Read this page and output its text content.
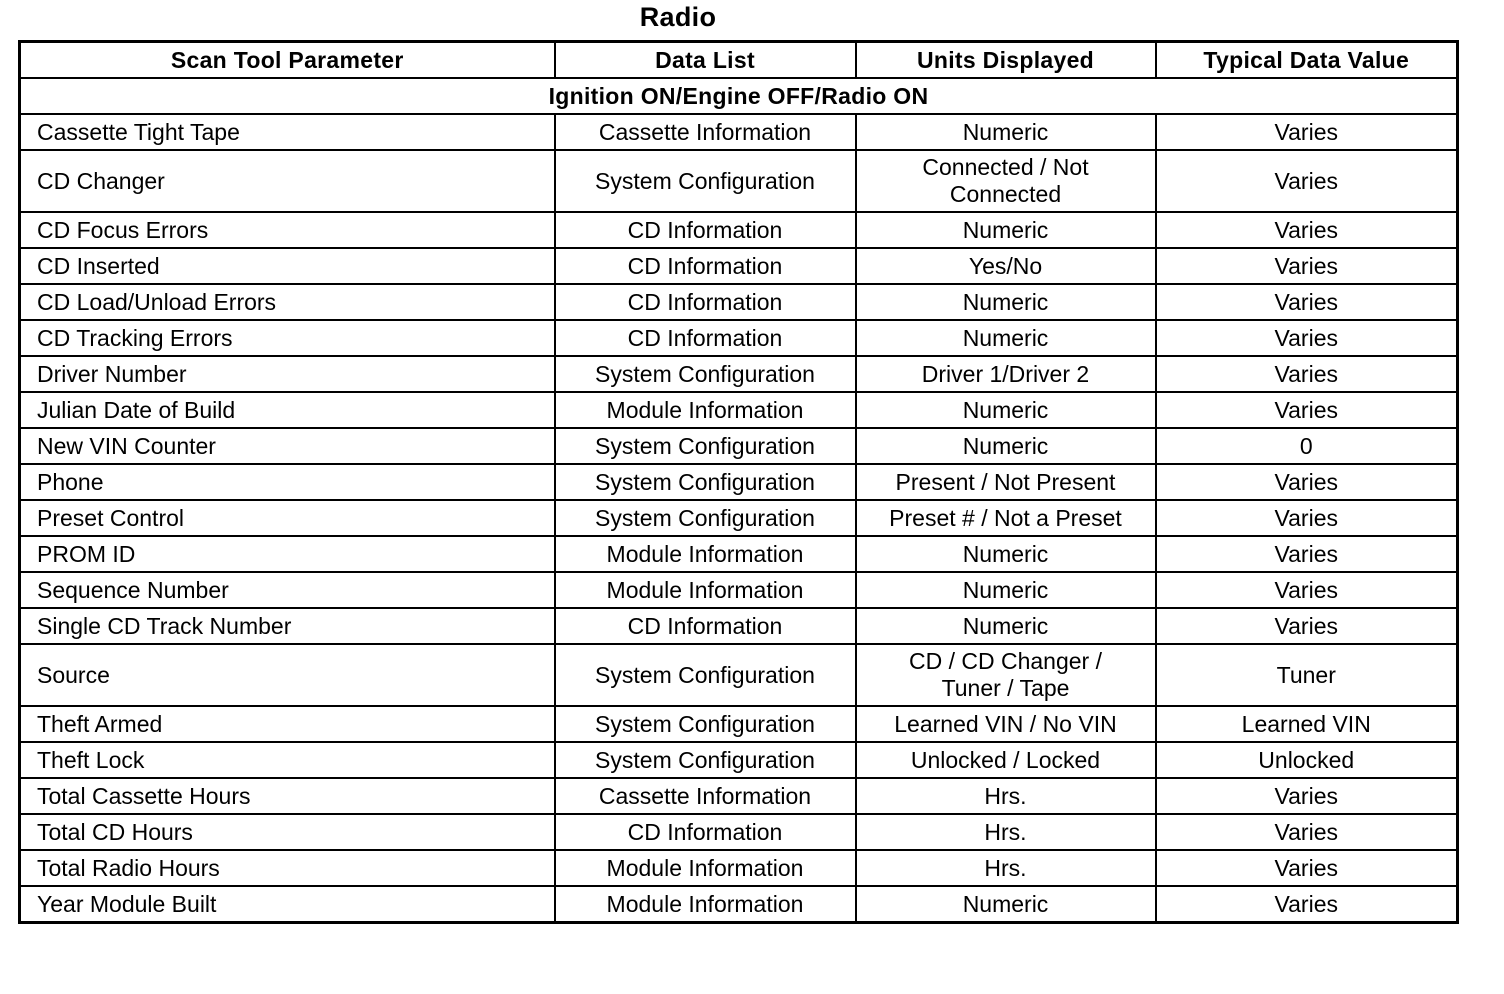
Radio
Scan Tool Parameter	Data List	Units Displayed	Typical Data Value
Ignition ON/Engine OFF/Radio ON			
Cassette Tight Tape	Cassette Information	Numeric	Varies
CD Changer	System Configuration	Connected / Not Connected	Varies
CD Focus Errors	CD Information	Numeric	Varies
CD Inserted	CD Information	Yes/No	Varies
CD Load/Unload Errors	CD Information	Numeric	Varies
CD Tracking Errors	CD Information	Numeric	Varies
Driver Number	System Configuration	Driver 1/Driver 2	Varies
Julian Date of Build	Module Information	Numeric	Varies
New VIN Counter	System Configuration	Numeric	0
Phone	System Configuration	Present / Not Present	Varies
Preset Control	System Configuration	Preset # / Not a Preset	Varies
PROM ID	Module Information	Numeric	Varies
Sequence Number	Module Information	Numeric	Varies
Single CD Track Number	CD Information	Numeric	Varies
Source	System Configuration	CD / CD Changer / Tuner / Tape	Tuner
Theft Armed	System Configuration	Learned VIN / No VIN	Learned VIN
Theft Lock	System Configuration	Unlocked / Locked	Unlocked
Total Cassette Hours	Cassette Information	Hrs.	Varies
Total CD Hours	CD Information	Hrs.	Varies
Total Radio Hours	Module Information	Hrs.	Varies
Year Module Built	Module Information	Numeric	Varies
